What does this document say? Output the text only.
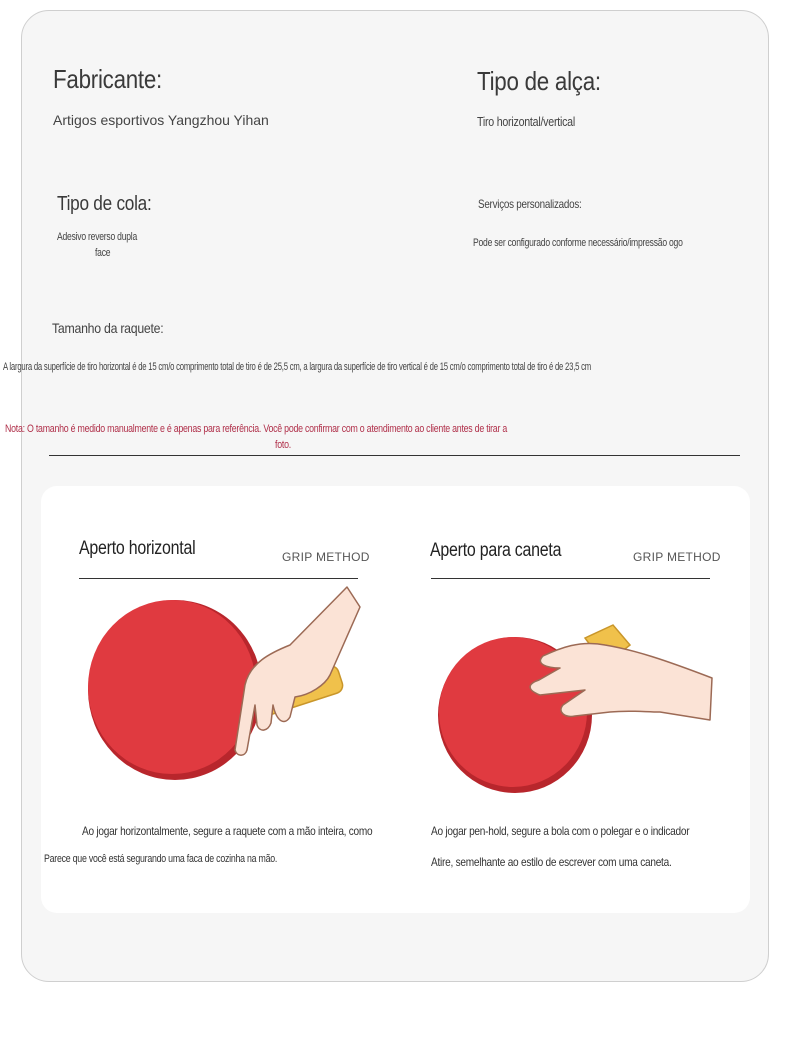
Fabricante:
Artigos esportivos Yangzhou Yihan
Tipo de alça:
Tiro horizontal/vertical
Tipo de cola:
Adesivo reverso dupla
face
Serviços personalizados:
Pode ser configurado conforme necessário/impressão ogo
Tamanho da raquete:
A largura da superfície de tiro horizontal é de 15 cm/o comprimento total de tiro é de 25,5 cm, a largura da superfície de tiro vertical é de 15 cm/o comprimento total de tiro é de 23,5 cm
Nota: O tamanho é medido manualmente e é apenas para referência. Você pode confirmar com o atendimento ao cliente antes de tirar a
foto.
Aperto horizontal	GRIP METHOD	Aperto para caneta	GRIP METHOD
Ao jogar horizontalmente, segure a raquete com a mão inteira, como
Parece que você está segurando uma faca de cozinha na mão.
Ao jogar pen-hold, segure a bola com o polegar e o indicador
Atire, semelhante ao estilo de escrever com uma caneta.
